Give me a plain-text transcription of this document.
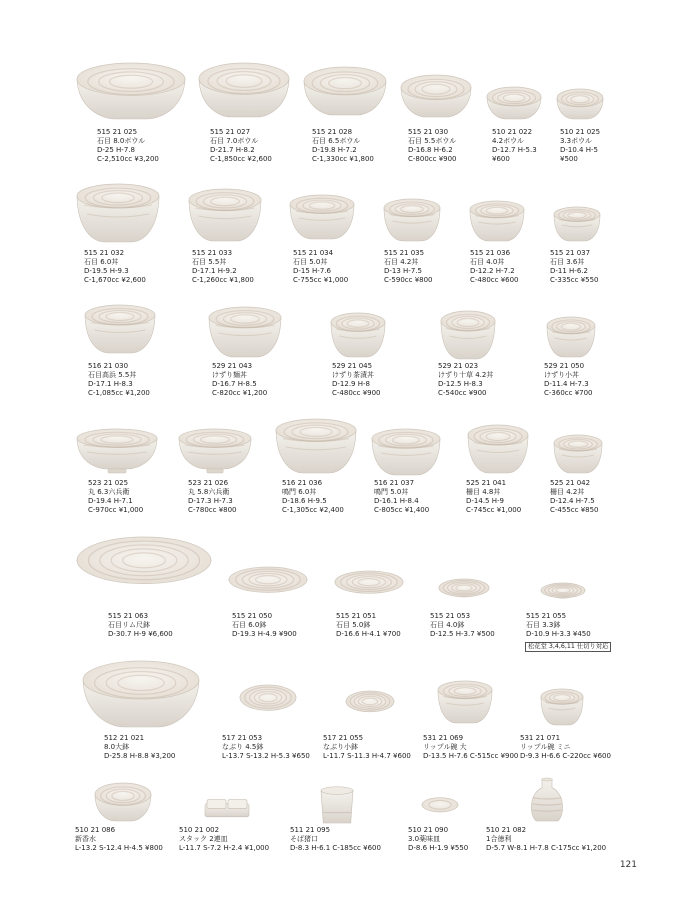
515 21 025
石目 8.0ボウル
D-25 H-7.8
C-2,510cc ¥3,200
515 21 027
石目 7.0ボウル
D-21.7 H-8.2
C-1,850cc ¥2,600
515 21 028
石目 6.5ボウル
D-19.8 H-7.2
C-1,330cc ¥1,800
515 21 030
石目 5.5ボウル
D-16.8 H-6.2
C-800cc ¥900
510 21 022
4.2ボウル
D-12.7 H-5.3
¥600
510 21 025
3.3ボウル
D-10.4 H-5
¥500
515 21 032
石目 6.0丼
D-19.5 H-9.3
C-1,670cc ¥2,600
515 21 033
石目 5.5丼
D-17.1 H-9.2
C-1,260cc ¥1,800
515 21 034
石目 5.0丼
D-15 H-7.6
C-755cc ¥1,000
515 21 035
石目 4.2丼
D-13 H-7.5
C-590cc ¥800
515 21 036
石目 4.0丼
D-12.2 H-7.2
C-480cc ¥600
515 21 037
石目 3.6丼
D-11 H-6.2
C-335cc ¥550
516 21 030
石目高浜 5.5丼
D-17.1 H-8.3
C-1,085cc ¥1,200
529 21 043
けずり麺丼
D-16.7 H-8.5
C-820cc ¥1,200
529 21 045
けずり茶漬丼
D-12.9 H-8
C-480cc ¥900
529 21 023
けずり十草 4.2丼
D-12.5 H-8.3
C-540cc ¥900
529 21 050
けずり小丼
D-11.4 H-7.3
C-360cc ¥700
523 21 025
丸 6.3六兵衛
D-19.4 H-7.1
C-970cc ¥1,000
523 21 026
丸 5.8六兵衛
D-17.3 H-7.3
C-780cc ¥800
516 21 036
鳴門 6.0丼
D-18.6 H-9.5
C-1,305cc ¥2,400
516 21 037
鳴門 5.0丼
D-16.1 H-8.4
C-805cc ¥1,400
525 21 041
柵目 4.8丼
D-14.5 H-9
C-745cc ¥1,000
525 21 042
柵目 4.2丼
D-12.4 H-7.5
C-455cc ¥850
515 21 063
石目リム尺鉢
D-30.7 H-9 ¥6,600
515 21 050
石目 6.0鉢
D-19.3 H-4.9 ¥900
515 21 051
石目 5.0鉢
D-16.6 H-4.1 ¥700
515 21 053
石目 4.0鉢
D-12.5 H-3.7 ¥500
515 21 055
石目 3.3鉢
D-10.9 H-3.3 ¥450
512 21 021
8.0大鉢
D-25.8 H-8.8 ¥3,200
517 21 053
なぶり 4.5鉢
L-13.7 S-13.2 H-5.3 ¥650
517 21 055
なぶり小鉢
L-11.7 S-11.3 H-4.7 ¥600
531 21 069
リップル碗 大
D-13.5 H-7.6 C-515cc ¥900
531 21 071
リップル碗 ミニ
D-9.3 H-6.6 C-220cc ¥600
510 21 086
新香水
L-13.2 S-12.4 H-4.5 ¥800
510 21 002
スタック 2連皿
L-11.7 S-7.2 H-2.4 ¥1,000
511 21 095
そば猪口
D-8.3 H-6.1 C-185cc ¥600
510 21 090
3.0薬味皿
D-8.6 H-1.9 ¥550
510 21 082
1合徳利
D-5.7 W-8.1 H-7.8 C-175cc ¥1,200
松花堂 3,4,6,11 仕切り対応
121
